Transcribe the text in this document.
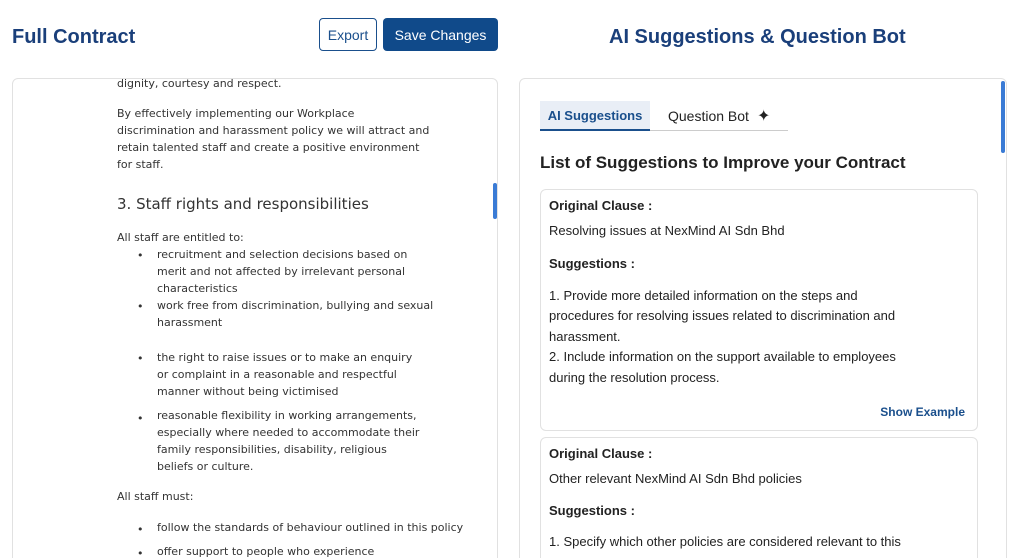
Full Contract	Export	Save Changes	AI Suggestions & Question Bot
dignity, courtesy and respect.
By effectively implementing our Workplace
discrimination and harassment policy we will attract and
retain talented staff and create a positive environment
for staff.
3. Staff rights and responsibilities
All staff are entitled to:
• recruitment and selection decisions based on
merit and not affected by irrelevant personal
characteristics
• work free from discrimination, bullying and sexual
harassment
• the right to raise issues or to make an enquiry
or complaint in a reasonable and respectful
manner without being victimised
• reasonable flexibility in working arrangements,
especially where needed to accommodate their
family responsibilities, disability, religious
beliefs or culture.
All staff must:
• follow the standards of behaviour outlined in this policy
• offer support to people who experience
AI Suggestions	Question Bot ✦
List of Suggestions to Improve your Contract
Original Clause :
Resolving issues at NexMind AI Sdn Bhd
Suggestions :
1. Provide more detailed information on the steps and
procedures for resolving issues related to discrimination and
harassment.
2. Include information on the support available to employees
during the resolution process.
Show Example
Original Clause :
Other relevant NexMind AI Sdn Bhd policies
Suggestions :
1. Specify which other policies are considered relevant to this
